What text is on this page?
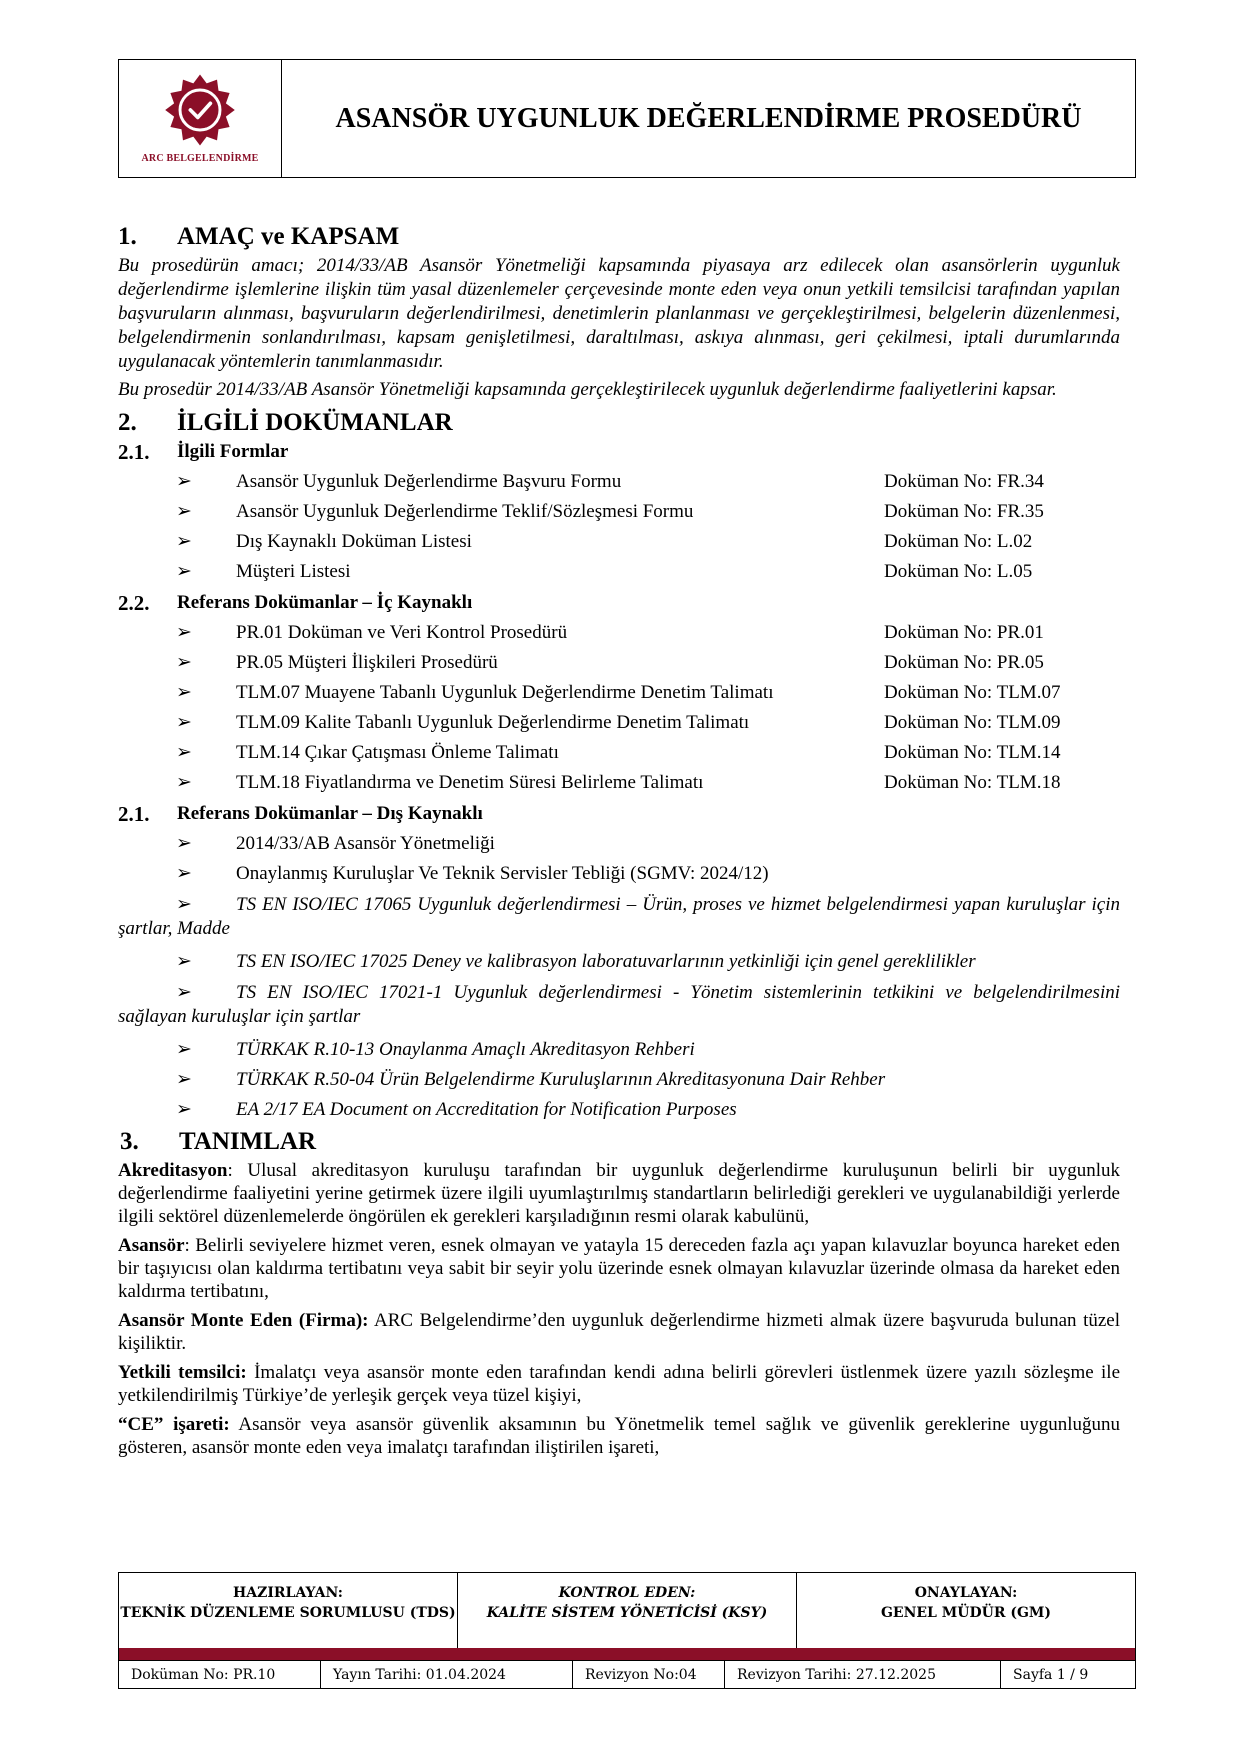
ARC BELGELENDİRME
ASANSÖR UYGUNLUK DEĞERLENDİRME PROSEDÜRÜ
1.	AMAÇ ve KAPSAM

Bu prosedürün amacı; 2014/33/AB Asansör Yönetmeliği kapsamında piyasaya arz edilecek olan asansörlerin uygunluk değerlendirme işlemlerine ilişkin tüm yasal düzenlemeler çerçevesinde monte eden veya onun yetkili temsilcisi tarafından yapılan başvuruların alınması, başvuruların değerlendirilmesi, denetimlerin planlanması ve gerçekleştirilmesi, belgelerin düzenlenmesi, belgelendirmenin sonlandırılması, kapsam genişletilmesi, daraltılması, askıya alınması, geri çekilmesi, iptali durumlarında uygulanacak yöntemlerin tanımlanmasıdır.

Bu prosedür 2014/33/AB Asansör Yönetmeliği kapsamında gerçekleştirilecek uygunluk değerlendirme faaliyetlerini kapsar.

2.	İLGİLİ DOKÜMANLAR
2.1.	İlgili Formlar
➢	Asansör Uygunluk Değerlendirme Başvuru Formu	Doküman No: FR.34
➢	Asansör Uygunluk Değerlendirme Teklif/Sözleşmesi Formu	Doküman No: FR.35
➢	Dış Kaynaklı Doküman Listesi	Doküman No: L.02
➢	Müşteri Listesi	Doküman No: L.05
2.2.	Referans Dokümanlar – İç Kaynaklı
➢	PR.01 Doküman ve Veri Kontrol Prosedürü	Doküman No: PR.01
➢	PR.05 Müşteri İlişkileri Prosedürü	Doküman No: PR.05
➢	TLM.07 Muayene Tabanlı Uygunluk Değerlendirme Denetim Talimatı	Doküman No: TLM.07
➢	TLM.09 Kalite Tabanlı Uygunluk Değerlendirme Denetim Talimatı	Doküman No: TLM.09
➢	TLM.14 Çıkar Çatışması Önleme Talimatı	Doküman No: TLM.14
➢	TLM.18 Fiyatlandırma ve Denetim Süresi Belirleme Talimatı	Doküman No: TLM.18
2.1.	Referans Dokümanlar – Dış Kaynaklı
➢ 2014/33/AB Asansör Yönetmeliği
➢ Onaylanmış Kuruluşlar Ve Teknik Servisler Tebliği (SGMV: 2024/12)
➢ TS EN ISO/IEC 17065 Uygunluk değerlendirmesi – Ürün, proses ve hizmet belgelendirmesi yapan kuruluşlar için şartlar, Madde
➢ TS EN ISO/IEC 17025 Deney ve kalibrasyon laboratuvarlarının yetkinliği için genel gereklilikler
➢ TS EN ISO/IEC 17021-1 Uygunluk değerlendirmesi - Yönetim sistemlerinin tetkikini ve belgelendirilmesini sağlayan kuruluşlar için şartlar
➢ TÜRKAK R.10-13 Onaylanma Amaçlı Akreditasyon Rehberi
➢ TÜRKAK R.50-04 Ürün Belgelendirme Kuruluşlarının Akreditasyonuna Dair Rehber
➢ EA 2/17 EA Document on Accreditation for Notification Purposes
3.	TANIMLAR

Akreditasyon: Ulusal akreditasyon kuruluşu tarafından bir uygunluk değerlendirme kuruluşunun belirli bir uygunluk değerlendirme faaliyetini yerine getirmek üzere ilgili uyumlaştırılmış standartların belirlediği gerekleri ve uygulanabildiği yerlerde ilgili sektörel düzenlemelerde öngörülen ek gerekleri karşıladığının resmi olarak kabulünü,

Asansör: Belirli seviyelere hizmet veren, esnek olmayan ve yatayla 15 dereceden fazla açı yapan kılavuzlar boyunca hareket eden bir taşıyıcısı olan kaldırma tertibatını veya sabit bir seyir yolu üzerinde esnek olmayan kılavuzlar üzerinde olmasa da hareket eden kaldırma tertibatını,

Asansör Monte Eden (Firma): ARC Belgelendirme’den uygunluk değerlendirme hizmeti almak üzere başvuruda bulunan tüzel kişiliktir.

Yetkili temsilci: İmalatçı veya asansör monte eden tarafından kendi adına belirli görevleri üstlenmek üzere yazılı sözleşme ile yetkilendirilmiş Türkiye’de yerleşik gerçek veya tüzel kişiyi,

“CE” işareti: Asansör veya asansör güvenlik aksamının bu Yönetmelik temel sağlık ve güvenlik gereklerine uygunluğunu gösteren, asansör monte eden veya imalatçı tarafından iliştirilen işareti,

HAZIRLAYAN:
TEKNİK DÜZENLEME SORUMLUSU (TDS)
KONTROL EDEN:
KALİTE SİSTEM YÖNETİCİSİ (KSY)
ONAYLAYAN:
GENEL MÜDÜR (GM)
Doküman No: PR.10	Yayın Tarihi: 01.04.2024	Revizyon No:04	Revizyon Tarihi: 27.12.2025	Sayfa 1 / 9
